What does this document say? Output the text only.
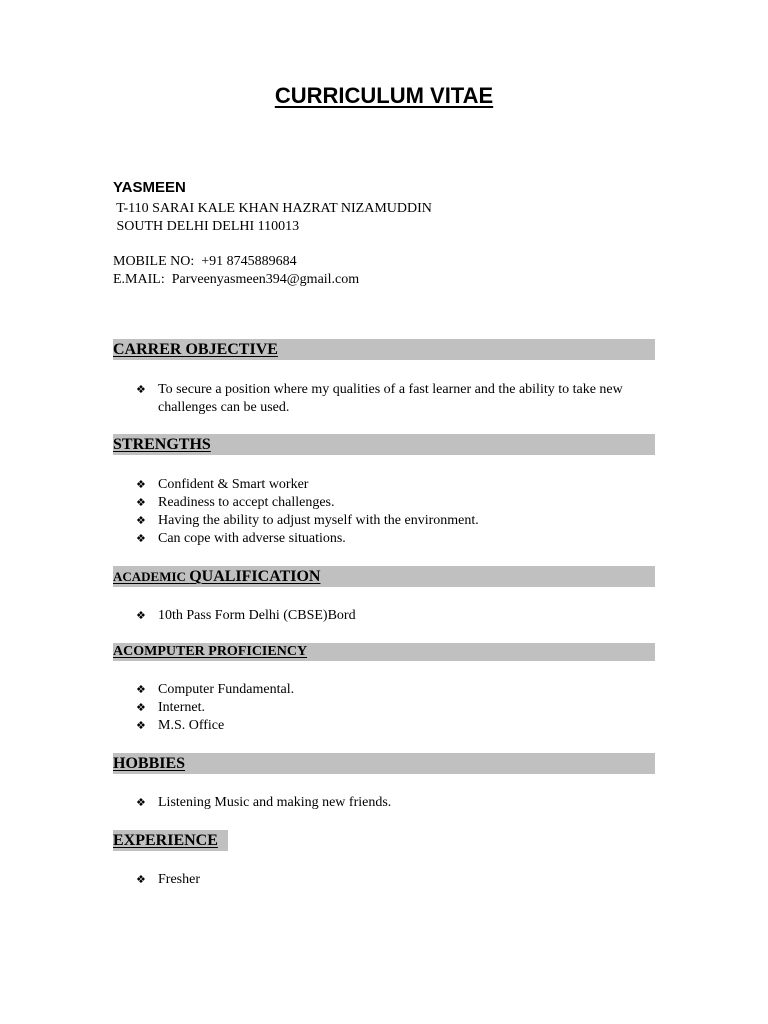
CURRICULUM VITAE
YASMEEN
T-110 SARAI KALE KHAN HAZRAT NIZAMUDDIN
SOUTH DELHI DELHI 110013
MOBILE NO:  +91 8745889684
E.MAIL:  Parveenyasmeen394@gmail.com
CARRER OBJECTIVE
❖ To secure a position where my qualities of a fast learner and the ability to take new challenges can be used.
STRENGTHS
❖ Confident & Smart worker
❖ Readiness to accept challenges.
❖ Having the ability to adjust myself with the environment.
❖ Can cope with adverse situations.
ACADEMIC QUALIFICATION
❖ 10th Pass Form Delhi (CBSE)Bord
ACOMPUTER PROFICIENCY
❖ Computer Fundamental.
❖ Internet.
❖ M.S. Office
HOBBIES
❖ Listening Music and making new friends.
EXPERIENCE
❖ Fresher
